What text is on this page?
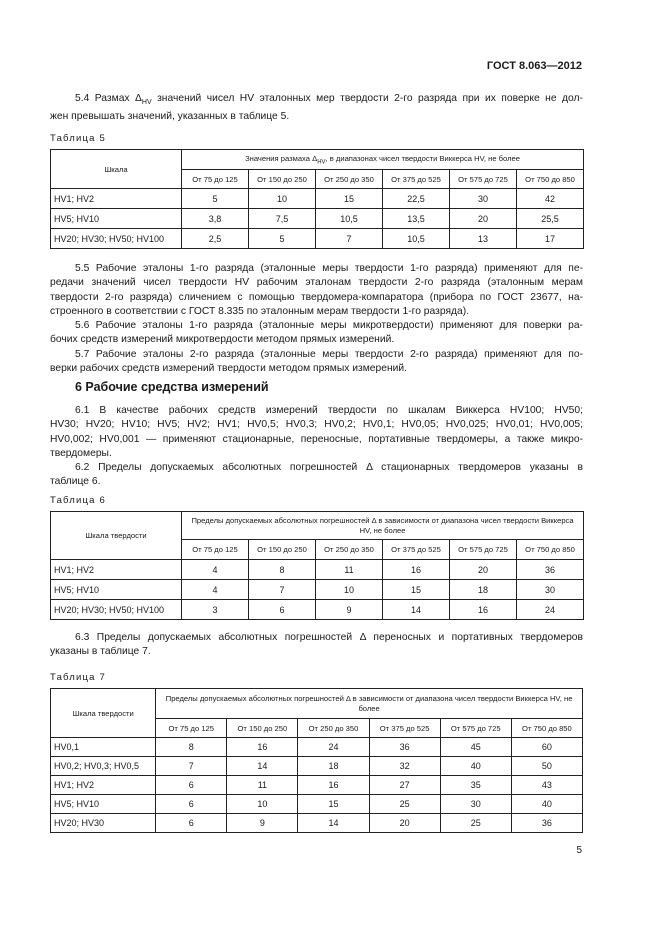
ГОСТ 8.063—2012
5.4 Размах $\Delta_{HV}$ значений чисел HV эталонных мер твердости 2-го разряда при их поверке не дол-
жен превышать значений, указанных в таблице 5.
Таблица 5
Шкала	Значения размаха $\Delta_{HV}$, в диапазонах чисел твердости Виккерса HV, не более					
	От 75 до 125	От 150 до 250	От 250 до 350	От 375 до 525	От 575 до 725	От 750 до 850
HV1; HV2	5	10	15	22,5	30	42
HV5; HV10	3,8	7,5	10,5	13,5	20	25,5
HV20; HV30; HV50; HV100	2,5	5	7	10,5	13	17
5.5 Рабочие эталоны 1-го разряда (эталонные меры твердости 1-го разряда) применяют для пе-
редачи значений чисел твердости HV рабочим эталонам твердости 2-го разряда (эталонным мерам
твердости 2-го разряда) сличением с помощью твердомера-компаратора (прибора по ГОСТ 23677, на-
строенного в соответствии с ГОСТ 8.335 по эталонным мерам твердости 1-го разряда).
5.6 Рабочие эталоны 1-го разряда (эталонные меры микротвердости) применяют для поверки ра-
бочих средств измерений микротвердости методом прямых измерений.
5.7 Рабочие эталоны 2-го разряда (эталонные меры твердости 2-го разряда) применяют для по-
верки рабочих средств измерений твердости методом прямых измерений.
6 Рабочие средства измерений
6.1 В качестве рабочих средств измерений твердости по шкалам Виккерса HV100; HV50;
HV30; HV20; HV10; HV5; HV2; HV1; HV0,5; HV0,3; HV0,2; HV0,1; HV0,05; HV0,025; HV0,01; HV0,005;
HV0,002; HV0,001 — применяют стационарные, переносные, портативные твердомеры, а также микро-
твердомеры.
6.2 Пределы допускаемых абсолютных погрешностей Δ стационарных твердомеров указаны в
таблице 6.
Таблица 6
Шкала твердости	Пределы допускаемых абсолютных погрешностей Δ в зависимости от диапазона чисел твердости Виккерса HV, не более					
	От 75 до 125	От 150 до 250	От 250 до 350	От 375 до 525	От 575 до 725	От 750 до 850
HV1; HV2	4	8	11	16	20	36
HV5; HV10	4	7	10	15	18	30
HV20; HV30; HV50; HV100	3	6	9	14	16	24
6.3 Пределы допускаемых абсолютных погрешностей Δ переносных и портативных твердомеров
указаны в таблице 7.
Таблица 7
Шкала твердости	Пределы допускаемых абсолютных погрешностей Δ в зависимости от диапазона чисел твердости Виккерса HV, не более					
	От 75 до 125	От 150 до 250	От 250 до 350	От 375 до 525	От 575 до 725	От 750 до 850
HV0,1	8	16	24	36	45	60
HV0,2; HV0,3; HV0,5	7	14	18	32	40	50
HV1; HV2	6	11	16	27	35	43
HV5; HV10	6	10	15	25	30	40
HV20; HV30	6	9	14	20	25	36
5
